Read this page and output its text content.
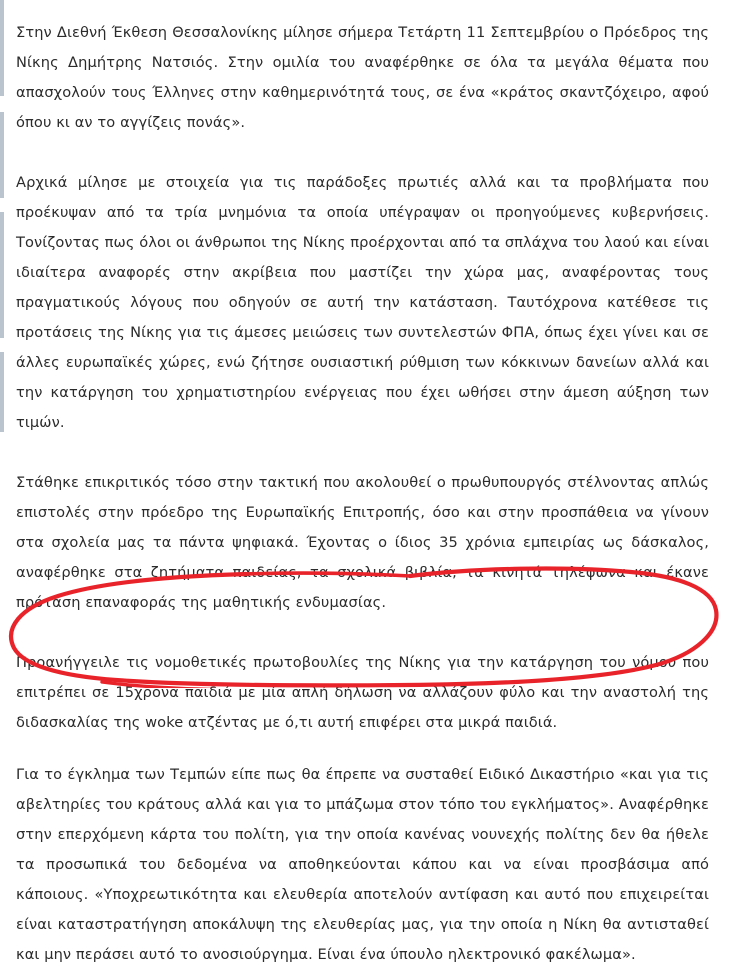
Στην Διεθνή Έκθεση Θεσσαλονίκης μίλησε σήμερα Τετάρτη 11 Σεπτεμβρίου ο Πρόεδρος της Νίκης Δημήτρης Νατσιός. Στην ομιλία του αναφέρθηκε σε όλα τα μεγάλα θέματα που απασχολούν τους Έλληνες στην καθημερινότητά τους, σε ένα «κράτος σκαντζόχειρο, αφού όπου κι αν το αγγίζεις πονάς».

Αρχικά μίλησε με στοιχεία για τις παράδοξες πρωτιές αλλά και τα προβλήματα που προέκυψαν από τα τρία μνημόνια τα οποία υπέγραψαν οι προηγούμενες κυβερνήσεις. Τονίζοντας πως όλοι οι άνθρωποι της Νίκης προέρχονται από τα σπλάχνα του λαού και είναι ιδιαίτερα αναφορές στην ακρίβεια που μαστίζει την χώρα μας, αναφέροντας τους πραγματικούς λόγους που οδηγούν σε αυτή την κατάσταση. Ταυτόχρονα κατέθεσε τις προτάσεις της Νίκης για τις άμεσες μειώσεις των συντελεστών ΦΠΑ, όπως έχει γίνει και σε άλλες ευρωπαϊκές χώρες, ενώ ζήτησε ουσιαστική ρύθμιση των κόκκινων δανείων αλλά και την κατάργηση του χρηματιστηρίου ενέργειας που έχει ωθήσει στην άμεση αύξηση των τιμών.

Στάθηκε επικριτικός τόσο στην τακτική που ακολουθεί ο πρωθυπουργός στέλνοντας απλώς επιστολές στην πρόεδρο της Ευρωπαϊκής Επιτροπής, όσο και στην προσπάθεια να γίνουν στα σχολεία μας τα πάντα ψηφιακά. Έχοντας ο ίδιος 35 χρόνια εμπειρίας ως δάσκαλος, αναφέρθηκε στα ζητήματα παιδείας, τα σχολικά βιβλία, τα κινητά τηλέφωνα και έκανε πρόταση επαναφοράς της μαθητικής ενδυμασίας.

Προανήγγειλε τις νομοθετικές πρωτοβουλίες της Νίκης για την κατάργηση του νόμου που επιτρέπει σε 15χρονα παιδιά με μία απλή δήλωση να αλλάζουν φύλο και την αναστολή της διδασκαλίας της woke ατζέντας με ό,τι αυτή επιφέρει στα μικρά παιδιά.

Για το έγκλημα των Τεμπών είπε πως θα έπρεπε να συσταθεί Ειδικό Δικαστήριο «και για τις αβελτηρίες του κράτους αλλά και για το μπάζωμα στον τόπο του εγκλήματος». Αναφέρθηκε στην επερχόμενη κάρτα του πολίτη, για την οποία κανένας νουνεχής πολίτης δεν θα ήθελε τα προσωπικά του δεδομένα να αποθηκεύονται κάπου και να είναι προσβάσιμα από κάποιους. «Υποχρεωτικότητα και ελευθερία αποτελούν αντίφαση και αυτό που επιχειρείται είναι καταστρατήγηση αποκάλυψη της ελευθερίας μας, για την οποία η Νίκη θα αντισταθεί και μην περάσει αυτό το ανοσιούργημα. Είναι ένα ύπουλο ηλεκτρονικό φακέλωμα».
